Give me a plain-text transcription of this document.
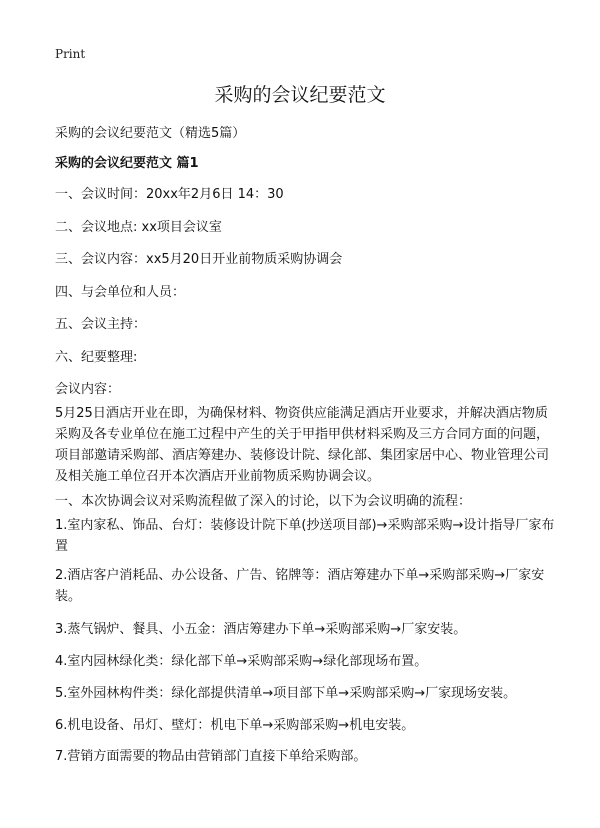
Print
采购的会议纪要范文
采购的会议纪要范文（精选5篇）
采购的会议纪要范文 篇1
一、会议时间：20xx年2月6日 14：30
二、会议地点: xx项目会议室
三、会议内容：xx5月20日开业前物质采购协调会
四、与会单位和人员：
五、会议主持：
六、纪要整理:
会议内容：

5月25日酒店开业在即，为确保材料、物资供应能满足酒店开业要求，并解决酒店物质采购及各专业单位在施工过程中产生的关于甲指甲供材料采购及三方合同方面的问题，项目部邀请采购部、酒店筹建办、装修设计院、绿化部、集团家居中心、物业管理公司及相关施工单位召开本次酒店开业前物质采购协调会议。

一、本次协调会议对采购流程做了深入的讨论，以下为会议明确的流程：

1.室内家私、饰品、台灯：装修设计院下单(抄送项目部)→采购部采购→设计指导厂家布置

2.酒店客户消耗品、办公设备、广告、铭牌等：酒店筹建办下单→采购部采购→厂家安装。

3.蒸气锅炉、餐具、小五金：酒店筹建办下单→采购部采购→厂家安装。
4.室内园林绿化类：绿化部下单→采购部采购→绿化部现场布置。
5.室外园林构件类：绿化部提供清单→项目部下单→采购部采购→厂家现场安装。
6.机电设备、吊灯、壁灯：机电下单→采购部采购→机电安装。
7.营销方面需要的物品由营销部门直接下单给采购部。
